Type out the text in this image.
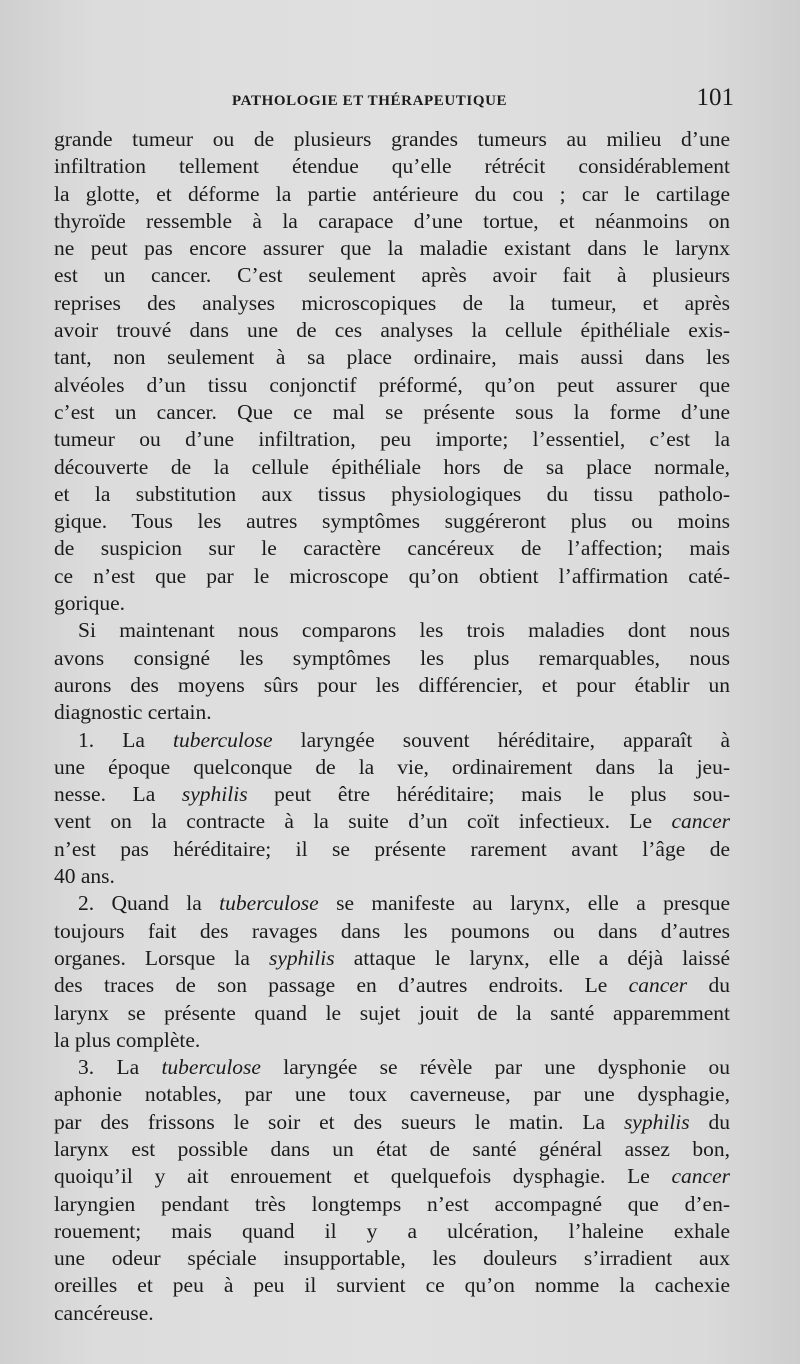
PATHOLOGIE ET THÉRAPEUTIQUE	101
grande tumeur ou de plusieurs grandes tumeurs au milieu d’une
infiltration tellement étendue qu’elle rétrécit considérablement
la glotte, et déforme la partie antérieure du cou ; car le cartilage
thyroïde ressemble à la carapace d’une tortue, et néanmoins on
ne peut pas encore assurer que la maladie existant dans le larynx
est un cancer. C’est seulement après avoir fait à plusieurs
reprises des analyses microscopiques de la tumeur, et après
avoir trouvé dans une de ces analyses la cellule épithéliale exis-
tant, non seulement à sa place ordinaire, mais aussi dans les
alvéoles d’un tissu conjonctif préformé, qu’on peut assurer que
c’est un cancer. Que ce mal se présente sous la forme d’une
tumeur ou d’une infiltration, peu importe; l’essentiel, c’est la
découverte de la cellule épithéliale hors de sa place normale,
et la substitution aux tissus physiologiques du tissu patholo-
gique. Tous les autres symptômes suggéreront plus ou moins
de suspicion sur le caractère cancéreux de l’affection; mais
ce n’est que par le microscope qu’on obtient l’affirmation caté-
gorique.
Si maintenant nous comparons les trois maladies dont nous
avons consigné les symptômes les plus remarquables, nous
aurons des moyens sûrs pour les différencier, et pour établir un
diagnostic certain.
1. La tuberculose laryngée souvent héréditaire, apparaît à
une époque quelconque de la vie, ordinairement dans la jeu-
nesse. La syphilis peut être héréditaire; mais le plus sou-
vent on la contracte à la suite d’un coït infectieux. Le cancer
n’est pas héréditaire; il se présente rarement avant l’âge de
40 ans.
2. Quand la tuberculose se manifeste au larynx, elle a presque
toujours fait des ravages dans les poumons ou dans d’autres
organes. Lorsque la syphilis attaque le larynx, elle a déjà laissé
des traces de son passage en d’autres endroits. Le cancer du
larynx se présente quand le sujet jouit de la santé apparemment
la plus complète.
3. La tuberculose laryngée se révèle par une dysphonie ou
aphonie notables, par une toux caverneuse, par une dysphagie,
par des frissons le soir et des sueurs le matin. La syphilis du
larynx est possible dans un état de santé général assez bon,
quoiqu’il y ait enrouement et quelquefois dysphagie. Le cancer
laryngien pendant très longtemps n’est accompagné que d’en-
rouement; mais quand il y a ulcération, l’haleine exhale
une odeur spéciale insupportable, les douleurs s’irradient aux
oreilles et peu à peu il survient ce qu’on nomme la cachexie
cancéreuse.
